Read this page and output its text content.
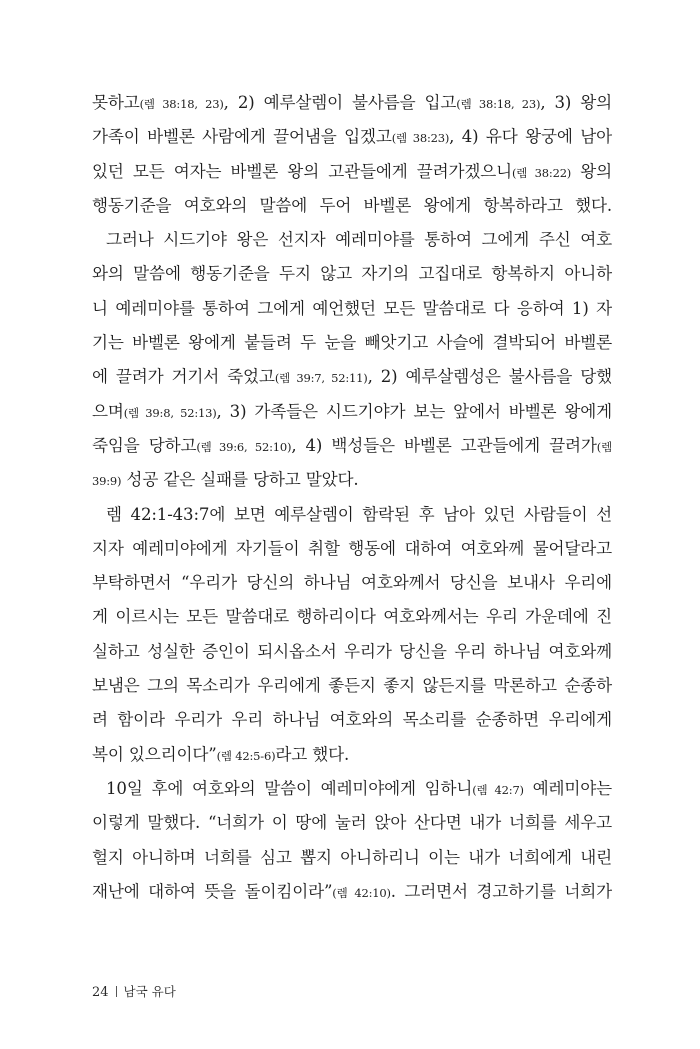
못하고(렘 38:18, 23), 2) 예루살렘이 불사름을 입고(렘 38:18, 23), 3) 왕의
가족이 바벨론 사람에게 끌어냄을 입겠고(렘 38:23), 4) 유다 왕궁에 남아
있던 모든 여자는 바벨론 왕의 고관들에게 끌려가겠으니(렘 38:22) 왕의
행동기준을 여호와의 말씀에 두어 바벨론 왕에게 항복하라고 했다.
그러나 시드기야 왕은 선지자 예레미야를 통하여 그에게 주신 여호
와의 말씀에 행동기준을 두지 않고 자기의 고집대로 항복하지 아니하
니 예레미야를 통하여 그에게 예언했던 모든 말씀대로 다 응하여 1) 자
기는 바벨론 왕에게 붙들려 두 눈을 빼앗기고 사슬에 결박되어 바벨론
에 끌려가 거기서 죽었고(렘 39:7, 52:11), 2) 예루살렘성은 불사름을 당했
으며(렘 39:8, 52:13), 3) 가족들은 시드기야가 보는 앞에서 바벨론 왕에게
죽임을 당하고(렘 39:6, 52:10), 4) 백성들은 바벨론 고관들에게 끌려가(렘
39:9) 성공 같은 실패를 당하고 말았다.
렘 42:1-43:7에 보면 예루살렘이 함락된 후 남아 있던 사람들이 선
지자 예레미야에게 자기들이 취할 행동에 대하여 여호와께 물어달라고
부탁하면서 “우리가 당신의 하나님 여호와께서 당신을 보내사 우리에
게 이르시는 모든 말씀대로 행하리이다 여호와께서는 우리 가운데에 진
실하고 성실한 증인이 되시옵소서 우리가 당신을 우리 하나님 여호와께
보냄은 그의 목소리가 우리에게 좋든지 좋지 않든지를 막론하고 순종하
려 함이라 우리가 우리 하나님 여호와의 목소리를 순종하면 우리에게
복이 있으리이다”(렘 42:5-6)라고 했다.
10일 후에 여호와의 말씀이 예레미야에게 임하니(렘 42:7) 예레미야는
이렇게 말했다. “너희가 이 땅에 눌러 앉아 산다면 내가 너희를 세우고
헐지 아니하며 너희를 심고 뽑지 아니하리니 이는 내가 너희에게 내린
재난에 대하여 뜻을 돌이킴이라”(렘 42:10). 그러면서 경고하기를 너희가
24 남국 유다
